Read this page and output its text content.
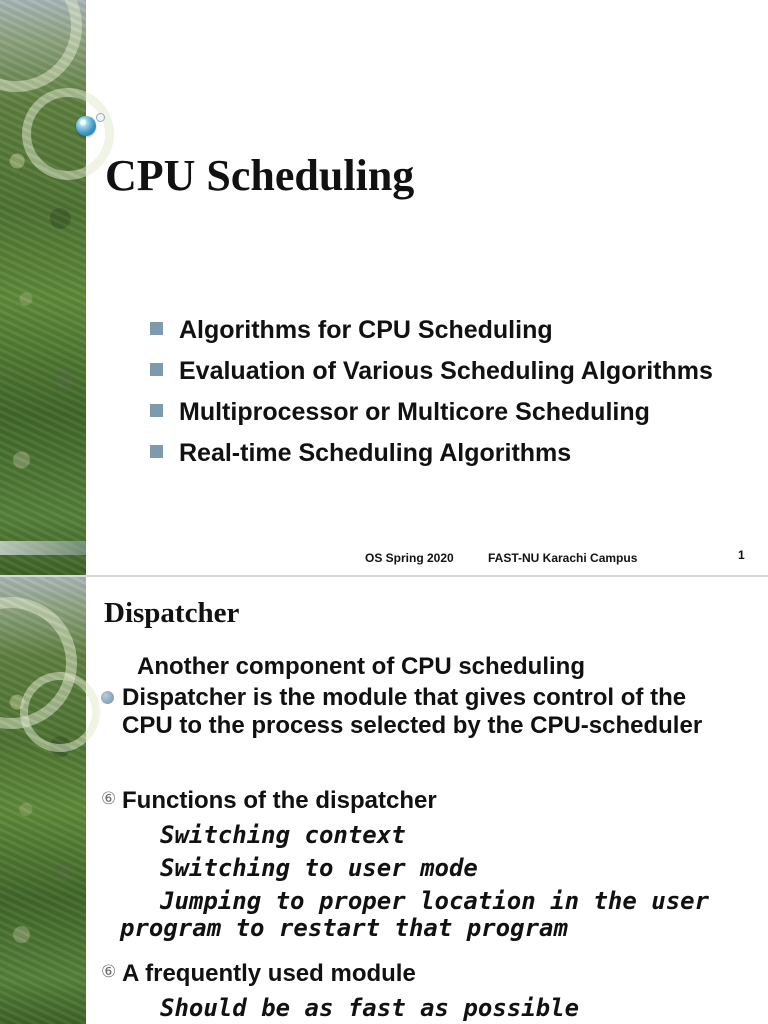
CPU Scheduling
Algorithms for CPU Scheduling
Evaluation of Various Scheduling Algorithms
Multiprocessor or Multicore Scheduling
Real-time Scheduling Algorithms
OS Spring 2020	FAST-NU Karachi Campus	1
Dispatcher

Another component of CPU scheduling

Dispatcher is the module that gives control of the CPU to the process selected by the CPU-scheduler

⑥ Functions of the dispatcher

Switching context

Switching to user mode

Jumping to proper location in the user

program to restart that program

⑥ A frequently used module

Should be as fast as possible
